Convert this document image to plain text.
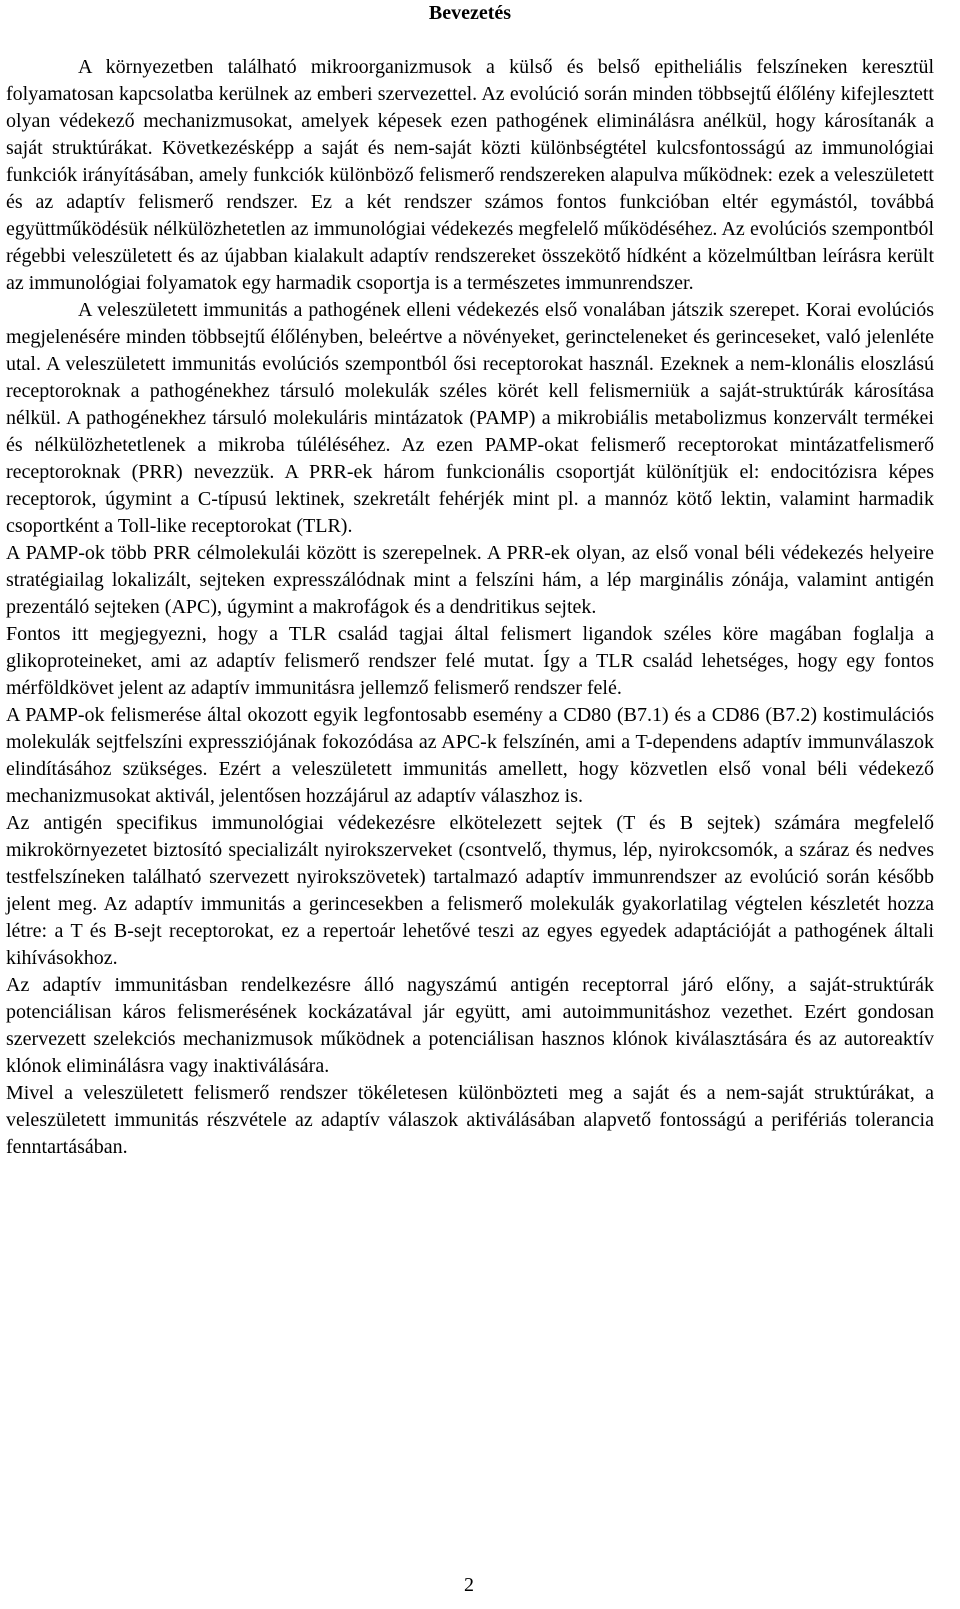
Bevezetés

A környezetben található mikroorganizmusok a külső és belső epitheliális felszíneken keresztül folyamatosan kapcsolatba kerülnek az emberi szervezettel. Az evolúció során minden többsejtű élőlény kifejlesztett olyan védekező mechanizmusokat, amelyek képesek ezen pathogének eliminálásra anélkül, hogy károsítanák a saját struktúrákat. Következésképp a saját és nem-saját közti különbségtétel kulcsfontosságú az immunológiai funkciók irányításában, amely funkciók különböző felismerő rendszereken alapulva működnek: ezek a veleszületett és az adaptív felismerő rendszer. Ez a két rendszer számos fontos funkcióban eltér egymástól, továbbá együttműködésük nélkülözhetetlen az immunológiai védekezés megfelelő működéséhez. Az evolúciós szempontból régebbi veleszületett és az újabban kialakult adaptív rendszereket összekötő hídként a közelmúltban leírásra került az immunológiai folyamatok egy harmadik csoportja is a természetes immunrendszer.

A veleszületett immunitás a pathogének elleni védekezés első vonalában játszik szerepet. Korai evolúciós megjelenésére minden többsejtű élőlényben, beleértve a növényeket, gerincteleneket és gerinceseket, való jelenléte utal. A veleszületett immunitás evolúciós szempontból ősi receptorokat használ. Ezeknek a nem-klonális eloszlású receptoroknak a pathogénekhez társuló molekulák széles körét kell felismerniük a saját-struktúrák károsítása nélkül. A pathogénekhez társuló molekuláris mintázatok (PAMP) a mikrobiális metabolizmus konzervált termékei és nélkülözhetetlenek a mikroba túléléséhez. Az ezen PAMP-okat felismerő receptorokat mintázatfelismerő receptoroknak (PRR) nevezzük. A PRR-ek három funkcionális csoportját különítjük el: endocitózisra képes receptorok, úgymint a C-típusú lektinek, szekretált fehérjék mint pl. a mannóz kötő lektin, valamint harmadik csoportként a Toll-like receptorokat (TLR).

A PAMP-ok több PRR célmolekulái között is szerepelnek. A PRR-ek olyan, az első vonal béli védekezés helyeire stratégiailag lokalizált, sejteken expresszálódnak mint a felszíni hám, a lép marginális zónája, valamint antigén prezentáló sejteken (APC), úgymint a makrofágok és a dendritikus sejtek.

Fontos itt megjegyezni, hogy a TLR család tagjai által felismert ligandok széles köre magában foglalja a glikoproteineket, ami az adaptív felismerő rendszer felé mutat. Így a TLR család lehetséges, hogy egy fontos mérföldkövet jelent az adaptív immunitásra jellemző felismerő rendszer felé.

A PAMP-ok felismerése által okozott egyik legfontosabb esemény a CD80 (B7.1) és a CD86 (B7.2) kostimulációs molekulák sejtfelszíni expressziójának fokozódása az APC-k felszínén, ami a T-dependens adaptív immunválaszok elindításához szükséges. Ezért a veleszületett immunitás amellett, hogy közvetlen első vonal béli védekező mechanizmusokat aktivál, jelentősen hozzájárul az adaptív válaszhoz is.

Az antigén specifikus immunológiai védekezésre elkötelezett sejtek (T és B sejtek) számára megfelelő mikrokörnyezetet biztosító specializált nyirokszerveket (csontvelő, thymus, lép, nyirokcsomók, a száraz és nedves testfelszíneken található szervezett nyirokszövetek) tartalmazó adaptív immunrendszer az evolúció során később jelent meg. Az adaptív immunitás a gerincesekben a felismerő molekulák gyakorlatilag végtelen készletét hozza létre: a T és B-sejt receptorokat, ez a repertoár lehetővé teszi az egyes egyedek adaptációját a pathogének általi kihívásokhoz.

Az adaptív immunitásban rendelkezésre álló nagyszámú antigén receptorral járó előny, a saját-struktúrák potenciálisan káros felismerésének kockázatával jár együtt, ami autoimmunitáshoz vezethet. Ezért gondosan szervezett szelekciós mechanizmusok működnek a potenciálisan hasznos klónok kiválasztására és az autoreaktív klónok eliminálásra vagy inaktiválására.

Mivel a veleszületett felismerő rendszer tökéletesen különbözteti meg a saját és a nem-saját struktúrákat, a veleszületett immunitás részvétele az adaptív válaszok aktiválásában alapvető fontosságú a perifériás tolerancia fenntartásában.

2
